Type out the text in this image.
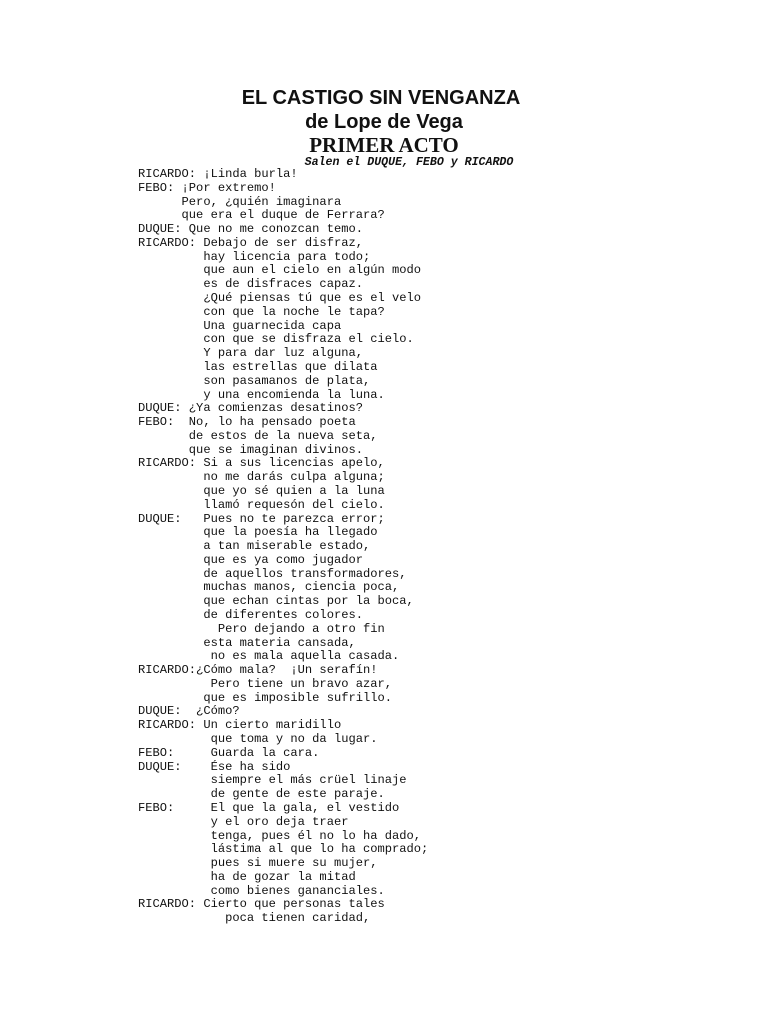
EL CASTIGO SIN VENGANZA
de Lope de Vega
PRIMER ACTO
Salen el DUQUE, FEBO y RICARDO
RICARDO: ¡Linda burla!
FEBO: ¡Por extremo!
Pero, ¿quién imaginara
que era el duque de Ferrara?
DUQUE: Que no me conozcan temo.
RICARDO: Debajo de ser disfraz,
hay licencia para todo;
que aun el cielo en algún modo
es de disfraces capaz.
¿Qué piensas tú que es el velo
con que la noche le tapa?
Una guarnecida capa
con que se disfraza el cielo.
Y para dar luz alguna,
las estrellas que dilata
son pasamanos de plata,
y una encomienda la luna.
DUQUE: ¿Ya comienzas desatinos?
FEBO:  No, lo ha pensado poeta
de estos de la nueva seta,
que se imaginan divinos.
RICARDO: Si a sus licencias apelo,
no me darás culpa alguna;
que yo sé quien a la luna
llamó requesón del cielo.
DUQUE:   Pues no te parezca error;
que la poesía ha llegado
a tan miserable estado,
que es ya como jugador
de aquellos transformadores,
muchas manos, ciencia poca,
que echan cintas por la boca,
de diferentes colores.
Pero dejando a otro fin
esta materia cansada,
no es mala aquella casada.
RICARDO:¿Cómo mala?  ¡Un serafín!
Pero tiene un bravo azar,
que es imposible sufrillo.
DUQUE:  ¿Cómo?
RICARDO: Un cierto maridillo
que toma y no da lugar.
FEBO:     Guarda la cara.
DUQUE:    Ése ha sido
siempre el más crüel linaje
de gente de este paraje.
FEBO:     El que la gala, el vestido
y el oro deja traer
tenga, pues él no lo ha dado,
lástima al que lo ha comprado;
pues si muere su mujer,
ha de gozar la mitad
como bienes gananciales.
RICARDO: Cierto que personas tales
poca tienen caridad,
